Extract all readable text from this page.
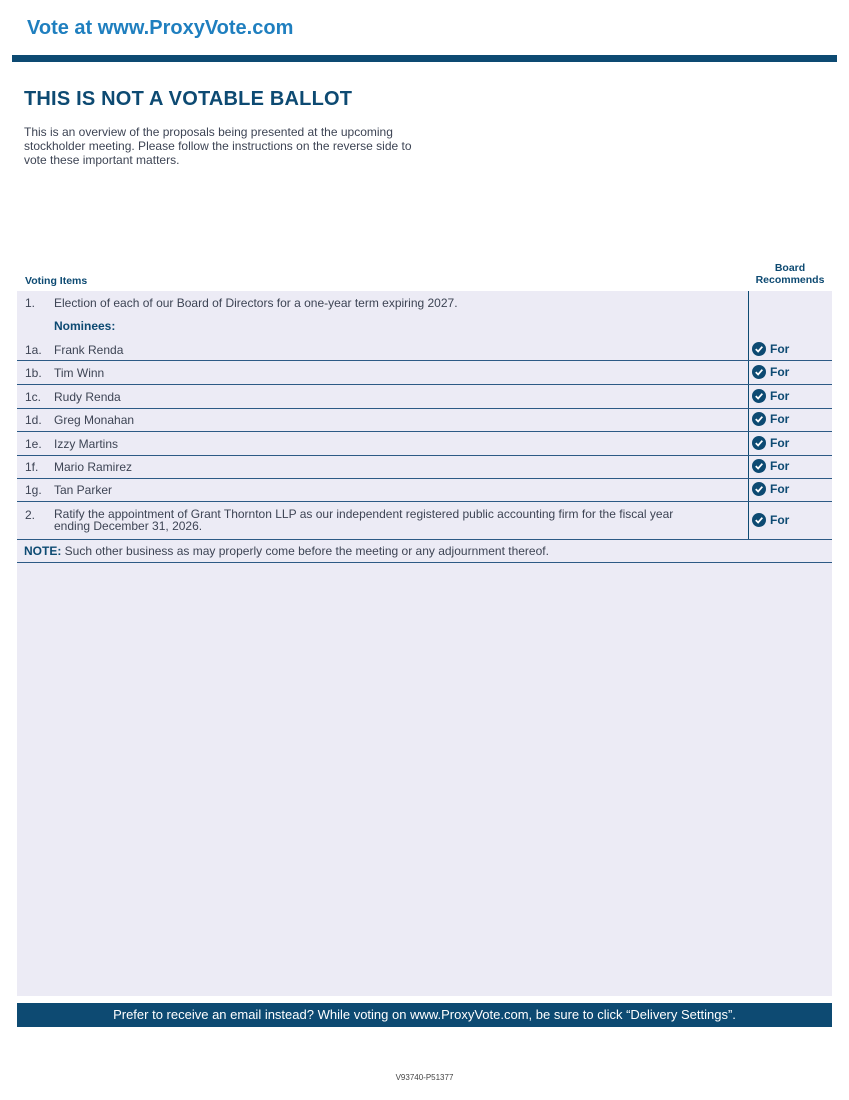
Vote at www.ProxyVote.com
THIS IS NOT A VOTABLE BALLOT
This is an overview of the proposals being presented at the upcoming stockholder meeting. Please follow the instructions on the reverse side to vote these important matters.
Voting Items
Board
Recommends
1. Election of each of our Board of Directors for a one-year term expiring 2027.
Nominees:
1a. Frank Renda	For
1b. Tim Winn	For
1c. Rudy Renda	For
1d. Greg Monahan	For
1e. Izzy Martins	For
1f. Mario Ramirez	For
1g. Tan Parker	For
2. Ratify the appointment of Grant Thornton LLP as our independent registered public accounting firm for the fiscal year
ending December 31, 2026.	For
NOTE: Such other business as may properly come before the meeting or any adjournment thereof.
Prefer to receive an email instead? While voting on www.ProxyVote.com, be sure to click “Delivery Settings”.
V93740-P51377
